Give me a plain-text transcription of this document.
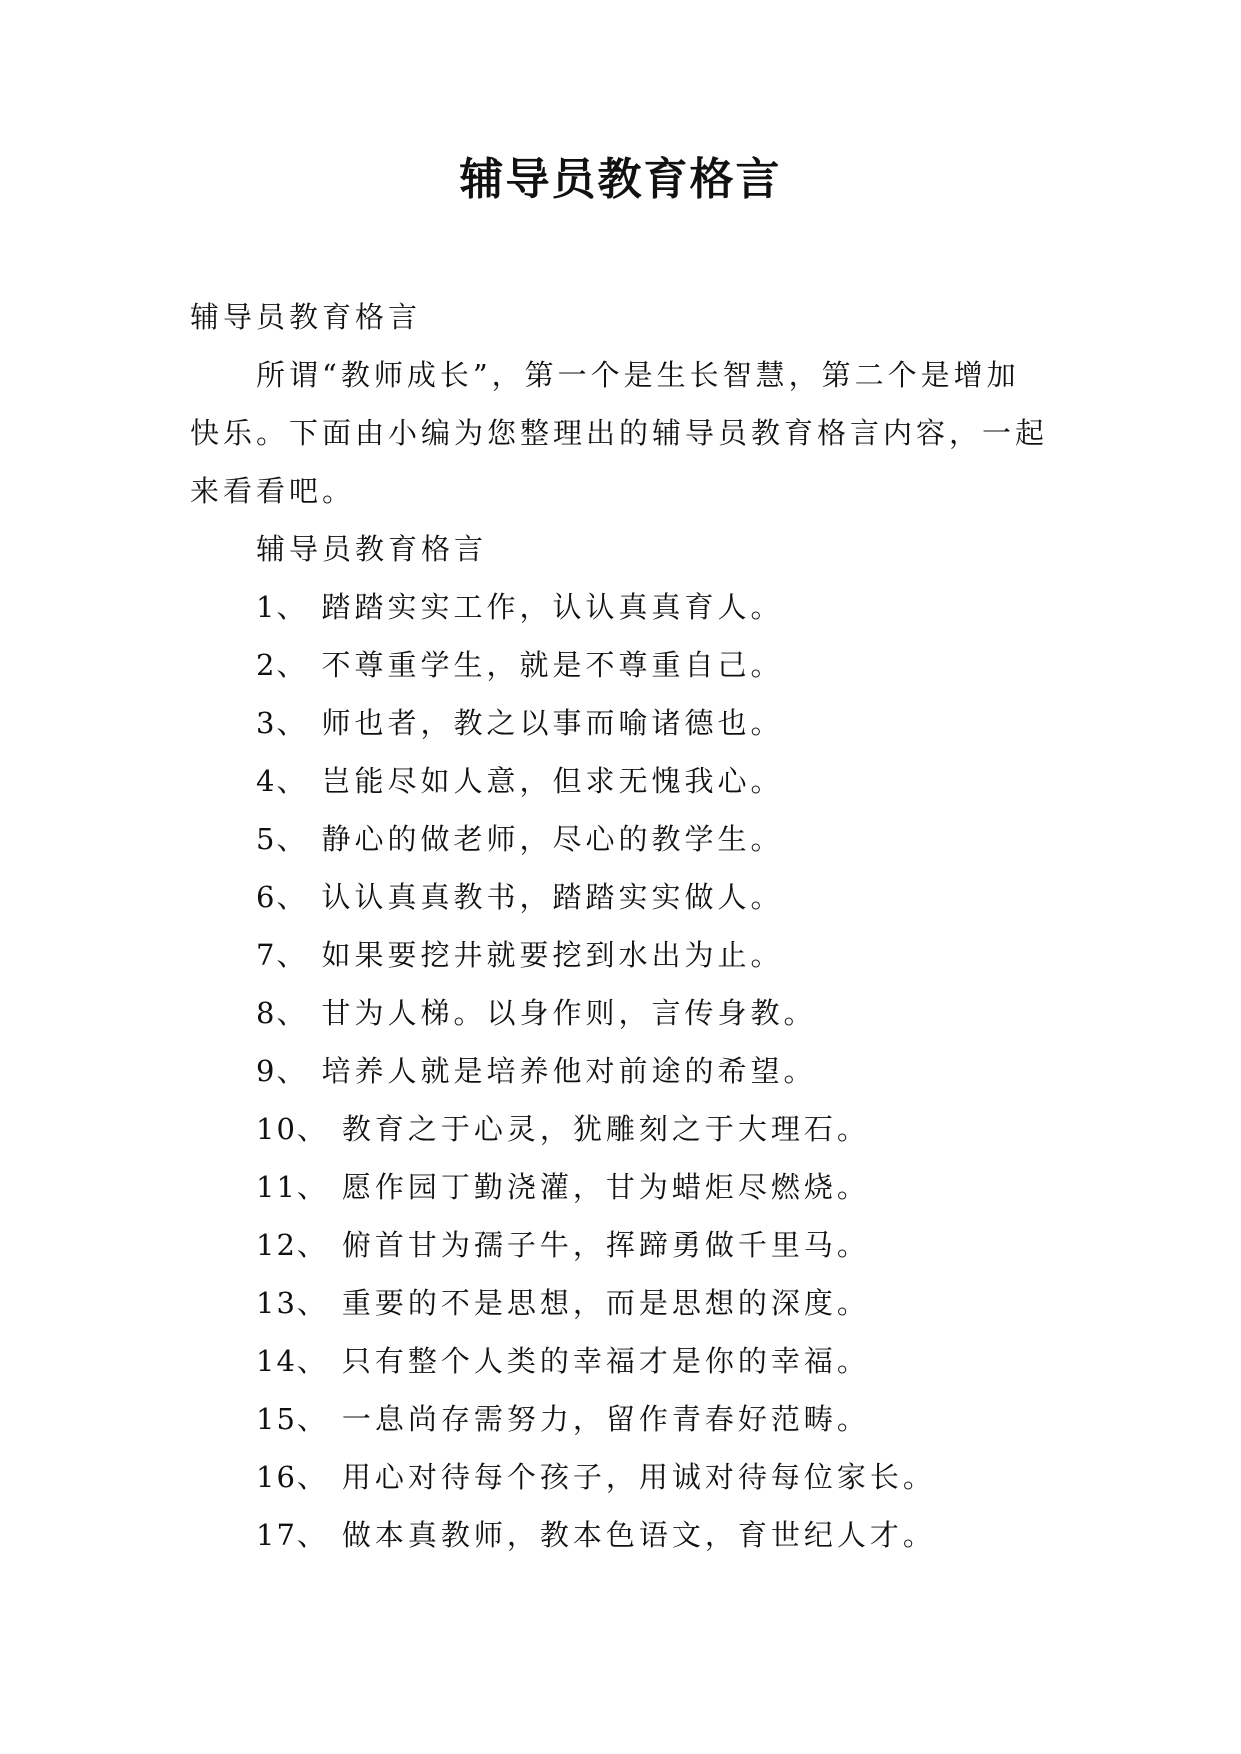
辅导员教育格言
辅导员教育格言
所谓“教师成长”，第一个是生长智慧，第二个是增加快乐。下面由小编为您整理出的辅导员教育格言内容，一起来看看吧。
辅导员教育格言
1、 踏踏实实工作，认认真真育人。
2、 不尊重学生，就是不尊重自己。
3、 师也者，教之以事而喻诸德也。
4、 岂能尽如人意，但求无愧我心。
5、 静心的做老师，尽心的教学生。
6、 认认真真教书，踏踏实实做人。
7、 如果要挖井就要挖到水出为止。
8、 甘为人梯。以身作则，言传身教。
9、 培养人就是培养他对前途的希望。
10、 教育之于心灵，犹雕刻之于大理石。
11、 愿作园丁勤浇灌，甘为蜡炬尽燃烧。
12、 俯首甘为孺子牛，挥蹄勇做千里马。
13、 重要的不是思想，而是思想的深度。
14、 只有整个人类的幸福才是你的幸福。
15、 一息尚存需努力，留作青春好范畴。
16、 用心对待每个孩子，用诚对待每位家长。
17、 做本真教师，教本色语文，育世纪人才。
